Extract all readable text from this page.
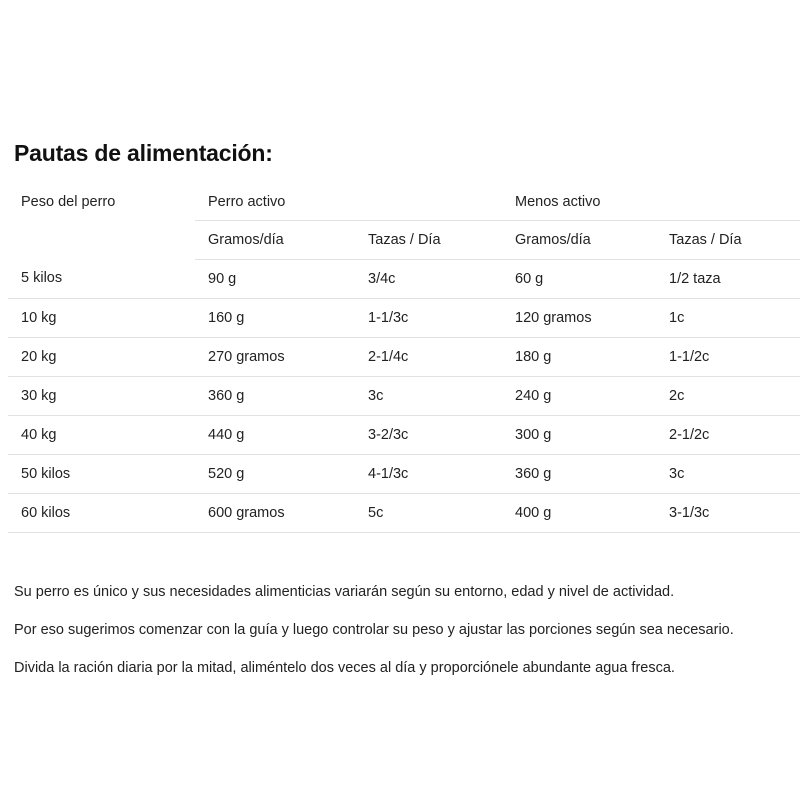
Pautas de alimentación:
Peso del perro	Perro activo		Menos activo	
	Gramos/día	Tazas / Día	Gramos/día	Tazas / Día
5 kilos	90 g	3/4c	60 g	1/2 taza
10 kg	160 g	1-1/3c	120 gramos	1c
20 kg	270 gramos	2-1/4c	180 g	1-1/2c
30 kg	360 g	3c	240 g	2c
40 kg	440 g	3-2/3c	300 g	2-1/2c
50 kilos	520 g	4-1/3c	360 g	3c
60 kilos	600 gramos	5c	400 g	3-1/3c

Su perro es único y sus necesidades alimenticias variarán según su entorno, edad y nivel de actividad.

Por eso sugerimos comenzar con la guía y luego controlar su peso y ajustar las porciones según sea necesario.

Divida la ración diaria por la mitad, aliméntelo dos veces al día y proporciónele abundante agua fresca.
